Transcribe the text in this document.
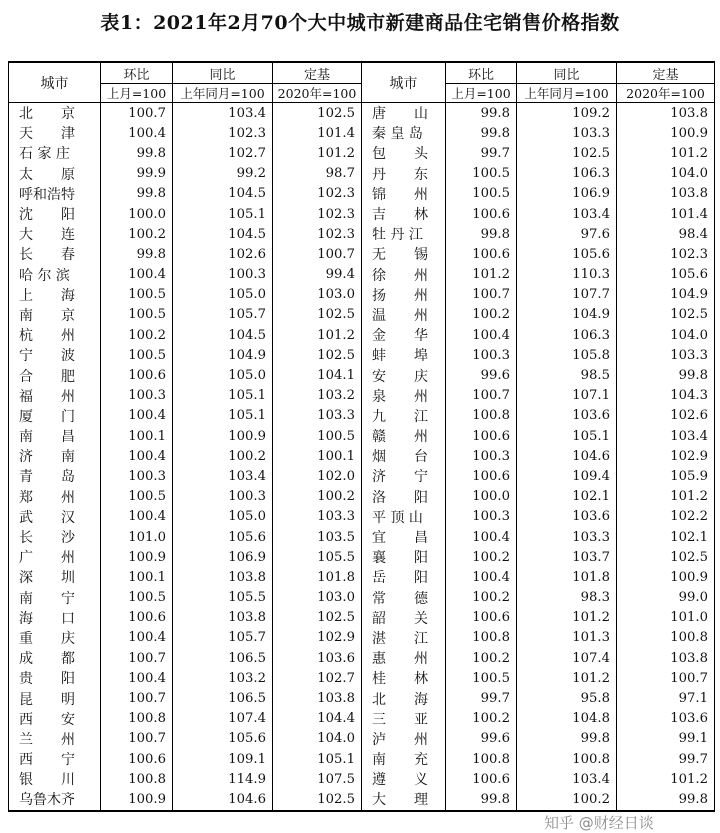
表1：2021年2月70个大中城市新建商品住宅销售价格指数
城市	环比	同比	定基	城市	环比	同比	定基
	上月=100	上年同月=100	2020年=100		上月=100	上年同月=100	2020年=100
北　　京	100.7	103.4	102.5	唐　　山	99.8	109.2	103.8
天　　津	100.4	102.3	101.4	秦 皇 岛	99.8	103.3	100.9
石 家 庄	99.8	102.7	101.2	包　　头	99.7	102.5	101.2
太　　原	99.9	99.2	98.7	丹　　东	100.5	106.3	104.0
呼和浩特	99.8	104.5	102.3	锦　　州	100.5	106.9	103.8
沈　　阳	100.0	105.1	102.3	吉　　林	100.6	103.4	101.4
大　　连	100.2	104.5	102.3	牡 丹 江	99.8	97.6	98.4
长　　春	99.8	102.6	100.7	无　　锡	100.6	105.6	102.3
哈 尔 滨	100.4	100.3	99.4	徐　　州	101.2	110.3	105.6
上　　海	100.5	105.0	103.0	扬　　州	100.7	107.7	104.9
南　　京	100.5	105.7	102.5	温　　州	100.2	104.9	102.5
杭　　州	100.2	104.5	101.2	金　　华	100.4	106.3	104.0
宁　　波	100.5	104.9	102.5	蚌　　埠	100.3	105.8	103.3
合　　肥	100.6	105.0	104.1	安　　庆	99.6	98.5	99.8
福　　州	100.3	105.1	103.2	泉　　州	100.7	107.1	104.3
厦　　门	100.4	105.1	103.3	九　　江	100.8	103.6	102.6
南　　昌	100.1	100.9	100.5	赣　　州	100.6	105.1	103.4
济　　南	100.4	100.2	100.1	烟　　台	100.3	104.6	102.9
青　　岛	100.3	103.4	102.0	济　　宁	100.6	109.4	105.9
郑　　州	100.5	100.3	100.2	洛　　阳	100.0	102.1	101.2
武　　汉	100.4	105.0	103.3	平 顶 山	100.3	103.6	102.2
长　　沙	101.0	105.6	103.5	宜　　昌	100.4	103.3	102.1
广　　州	100.9	106.9	105.5	襄　　阳	100.2	103.7	102.5
深　　圳	100.1	103.8	101.8	岳　　阳	100.4	101.8	100.9
南　　宁	100.5	105.5	103.0	常　　德	100.2	98.3	99.0
海　　口	100.6	103.8	102.5	韶　　关	100.6	101.2	101.0
重　　庆	100.4	105.7	102.9	湛　　江	100.8	101.3	100.8
成　　都	100.7	106.5	103.6	惠　　州	100.2	107.4	103.8
贵　　阳	100.4	103.2	102.7	桂　　林	100.5	101.2	100.7
昆　　明	100.7	106.5	103.8	北　　海	99.7	95.8	97.1
西　　安	100.8	107.4	104.4	三　　亚	100.2	104.8	103.6
兰　　州	100.7	105.6	104.0	泸　　州	99.6	99.8	99.1
西　　宁	100.6	109.1	105.1	南　　充	100.8	100.8	99.7
银　　川	100.8	114.9	107.5	遵　　义	100.6	103.4	101.2
乌鲁木齐	100.9	104.6	102.5	大　　理	99.8	100.2	99.8
知乎 @财经日谈
